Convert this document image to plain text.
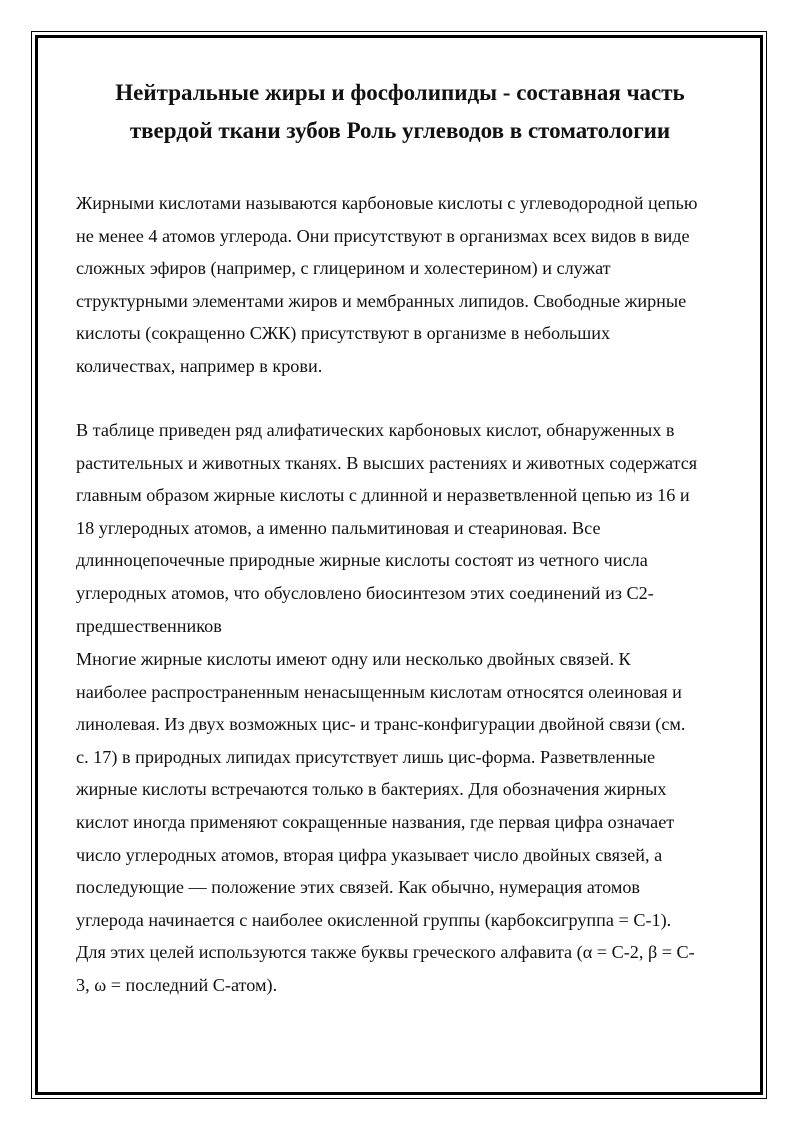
Нейтральные жиры и фосфолипиды - составная часть
твердой ткани зубов Роль углеводов в стоматологии

Жирными кислотами называются карбоновые кислоты с углеводородной цепью
не менее 4 атомов углерода. Они присутствуют в организмах всех видов в виде
сложных эфиров (например, с глицерином и холестерином) и служат
структурными элементами жиров и мембранных липидов. Свободные жирные
кислоты (сокращенно СЖК) присутствуют в организме в небольших
количествах, например в крови.

В таблице приведен ряд алифатических карбоновых кислот, обнаруженных в
растительных и животных тканях. В высших растениях и животных содержатся
главным образом жирные кислоты с длинной и неразветвленной цепью из 16 и
18 углеродных атомов, а именно пальмитиновая и стеариновая. Все
длинноцепочечные природные жирные кислоты состоят из четного числа
углеродных атомов, что обусловлено биосинтезом этих соединений из С2-
предшественников

Многие жирные кислоты имеют одну или несколько двойных связей. К
наиболее распространенным ненасыщенным кислотам относятся олеиновая и
линолевая. Из двух возможных цис- и транс-конфигурации двойной связи (см.
с. 17) в природных липидах присутствует лишь цис-форма. Разветвленные
жирные кислоты встречаются только в бактериях. Для обозначения жирных
кислот иногда применяют сокращенные названия, где первая цифра означает
число углеродных атомов, вторая цифра указывает число двойных связей, а
последующие — положение этих связей. Как обычно, нумерация атомов
углерода начинается с наиболее окисленной группы (карбоксигруппа = С-1).
Для этих целей используются также буквы греческого алфавита (α = С-2, β = С-
3, ω = последний С-атом).
